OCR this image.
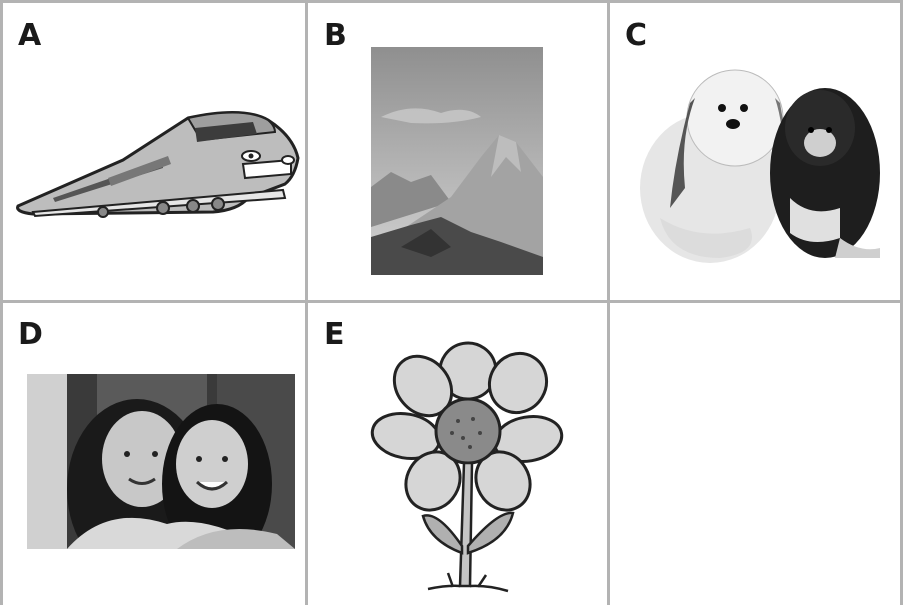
A	B	C
D	E
